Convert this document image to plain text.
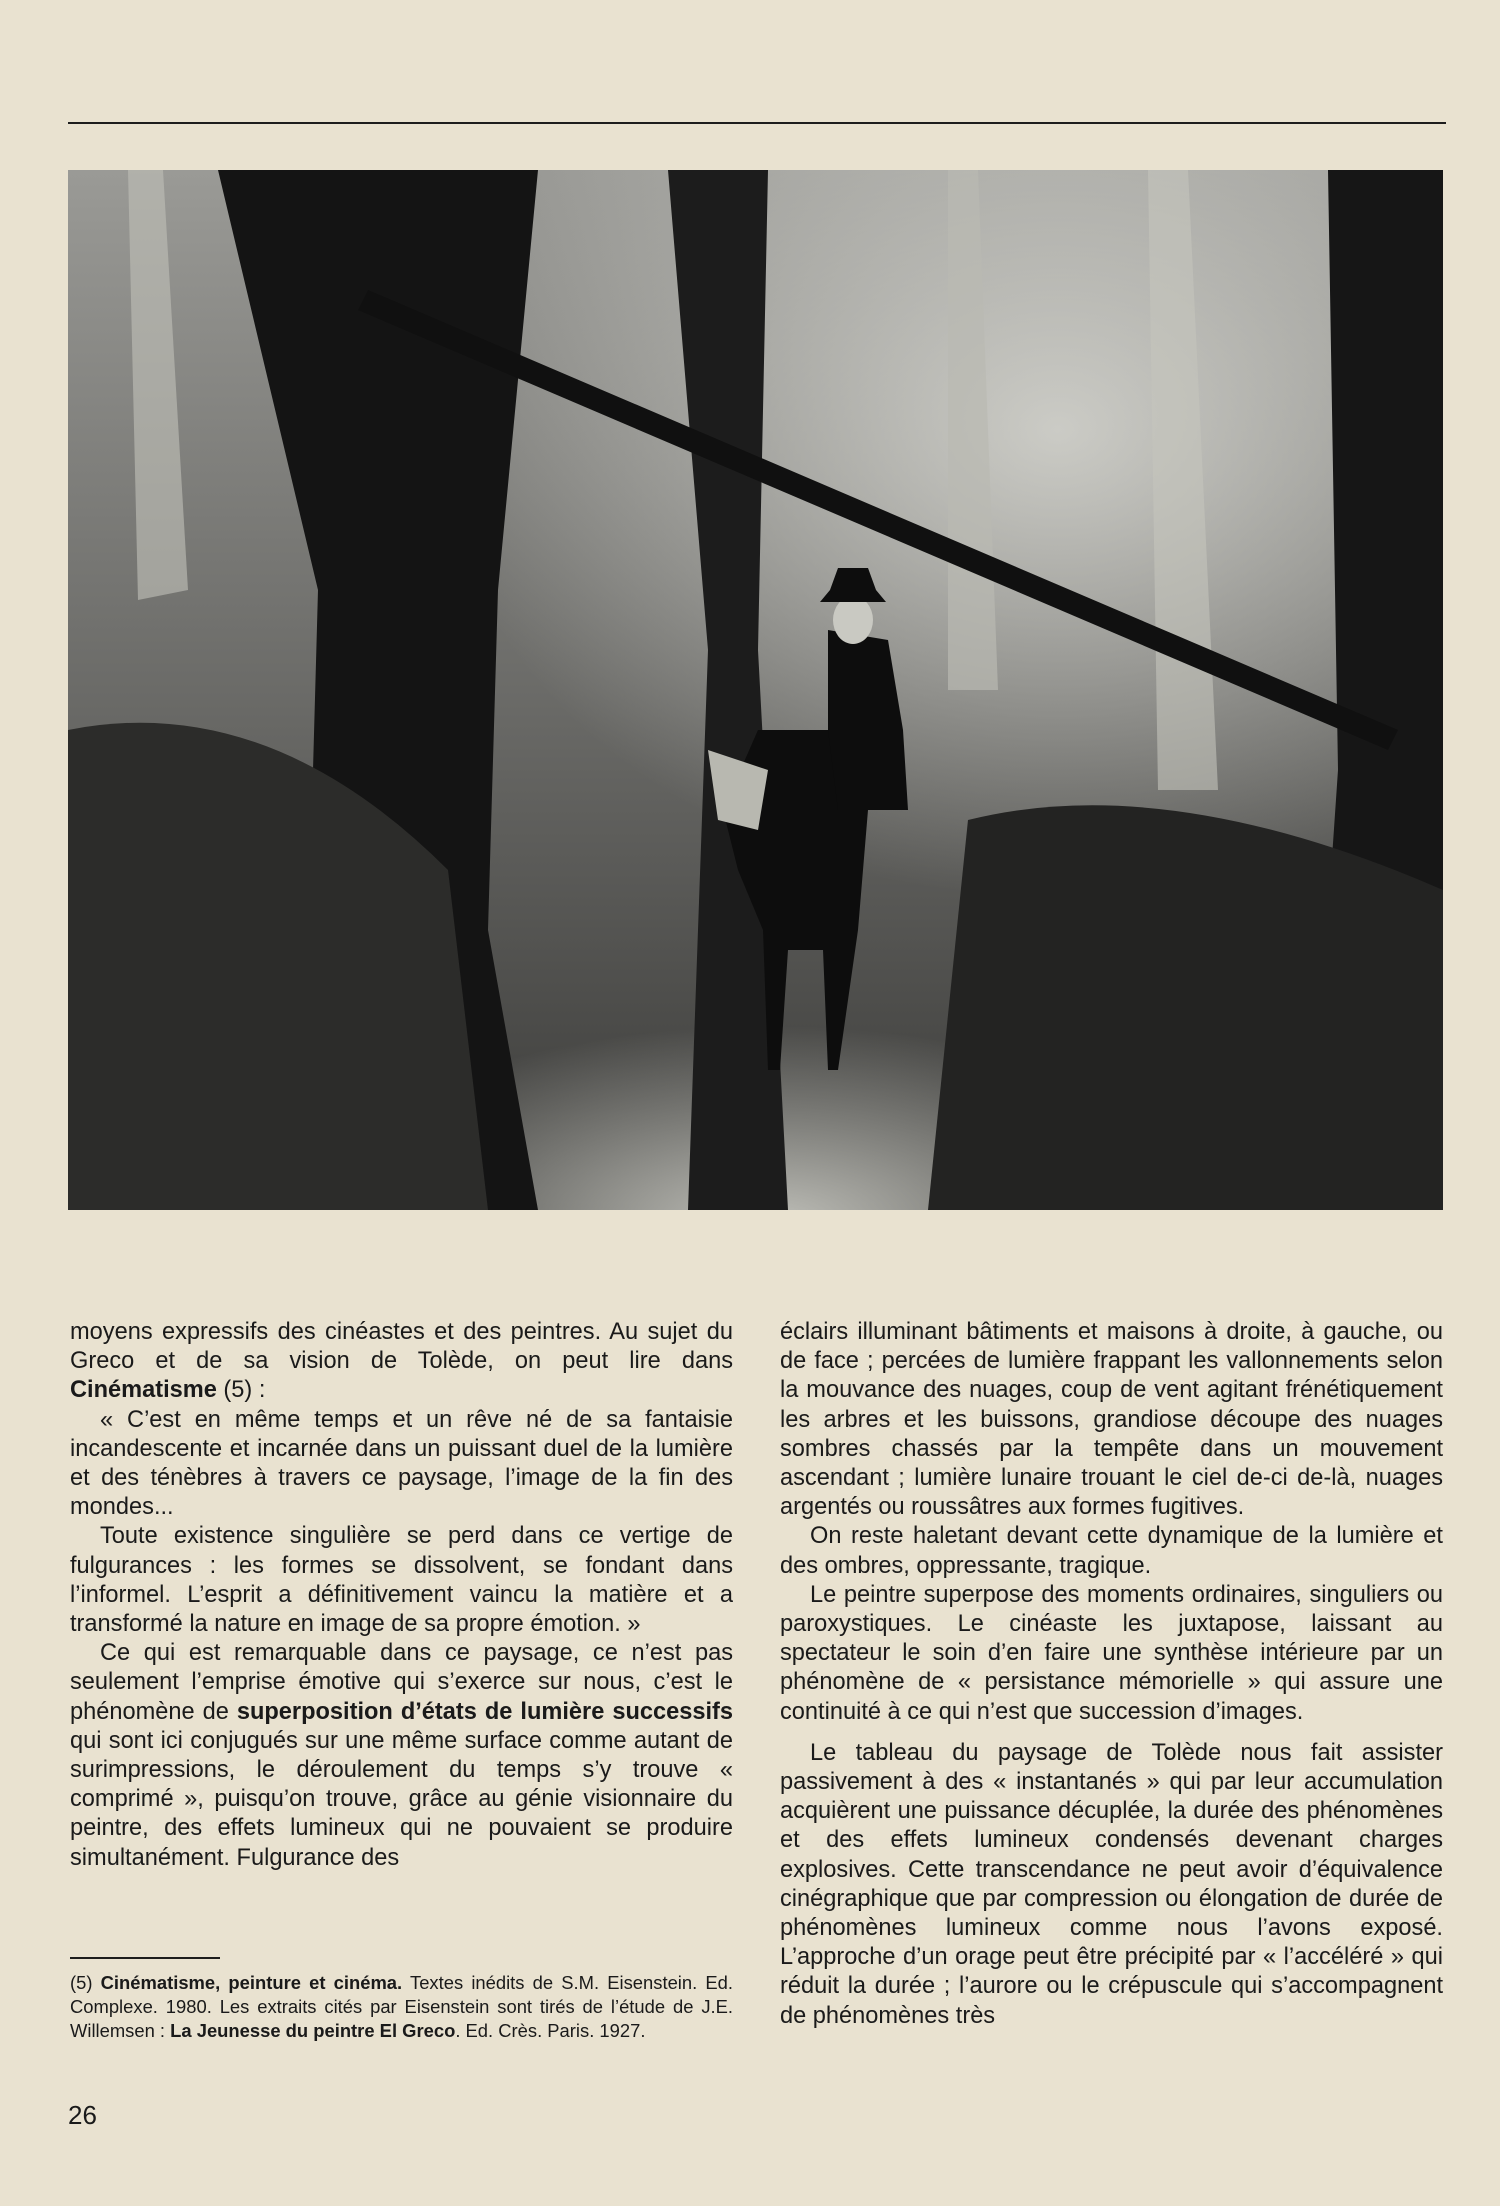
moyens expressifs des cinéastes et des peintres. Au sujet du Greco et de sa vision de Tolède, on peut lire dans Cinématisme (5) :

« C’est en même temps et un rêve né de sa fantaisie incandescente et incarnée dans un puissant duel de la lumière et des ténèbres à travers ce paysage, l’image de la fin des mondes...

Toute existence singulière se perd dans ce vertige de fulgurances : les formes se dissolvent, se fondant dans l’informel. L’esprit a définitivement vaincu la matière et a transformé la nature en image de sa propre émotion. »

Ce qui est remarquable dans ce paysage, ce n’est pas seulement l’emprise émotive qui s’exerce sur nous, c’est le phénomène de superposition d’états de lumière successifs qui sont ici conjugués sur une même surface comme autant de surimpressions, le déroulement du temps s’y trouve « comprimé », puisqu’on trouve, grâce au génie visionnaire du peintre, des effets lumineux qui ne pouvaient se produire simultanément. Fulgurance des

éclairs illuminant bâtiments et maisons à droite, à gauche, ou de face ; percées de lumière frappant les vallonnements selon la mouvance des nuages, coup de vent agitant frénétiquement les arbres et les buissons, grandiose découpe des nuages sombres chassés par la tempête dans un mouvement ascendant ; lumière lunaire trouant le ciel de-ci de-là, nuages argentés ou roussâtres aux formes fugitives.

On reste haletant devant cette dynamique de la lumière et des ombres, oppressante, tragique.

Le peintre superpose des moments ordinaires, singuliers ou paroxystiques. Le cinéaste les juxtapose, laissant au spectateur le soin d’en faire une synthèse intérieure par un phénomène de « persistance mémorielle » qui assure une continuité à ce qui n’est que succession d’images.

Le tableau du paysage de Tolède nous fait assister passivement à des « instantanés » qui par leur accumulation acquièrent une puissance décuplée, la durée des phénomènes et des effets lumineux condensés devenant charges explosives. Cette transcendance ne peut avoir d’équivalence cinégraphique que par compression ou élongation de durée de phénomènes lumineux comme nous l’avons exposé. L’approche d’un orage peut être précipité par « l’accéléré » qui réduit la durée ; l’aurore ou le crépuscule qui s’accompagnent de phénomènes très

(5) Cinématisme, peinture et cinéma. Textes inédits de S.M. Eisenstein. Ed. Complexe. 1980. Les extraits cités par Eisenstein sont tirés de l’étude de J.E. Willemsen : La Jeunesse du peintre El Greco. Ed. Crès. Paris. 1927.
26
